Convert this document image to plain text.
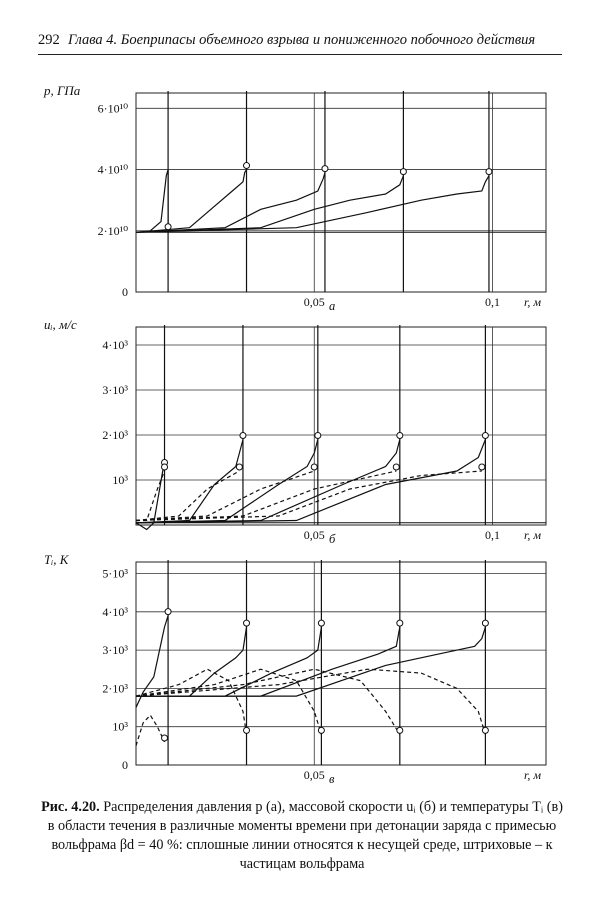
292 Глава 4. Боеприпасы объемного взрыва и пониженного побочного действия
0
2·10¹⁰
4·10¹⁰
6·10¹⁰
0,05	0,1
p, ГПа
r, м
а
10³
2·10³
3·10³
4·10³
0,05	0,1
uᵢ, м/с
r, м
б
0
10³
2·10³
3·10³
4·10³
5·10³
0,05
Tᵢ, К
r, м
в
Рис. 4.20. Распределения давления p (а), массовой скорости uᵢ (б) и температуры Tᵢ (в) в области течения в различные моменты времени при детонации заряда с примесью вольфрама βd = 40 %: сплошные линии относятся к несущей среде, штриховые – к частицам вольфрама
